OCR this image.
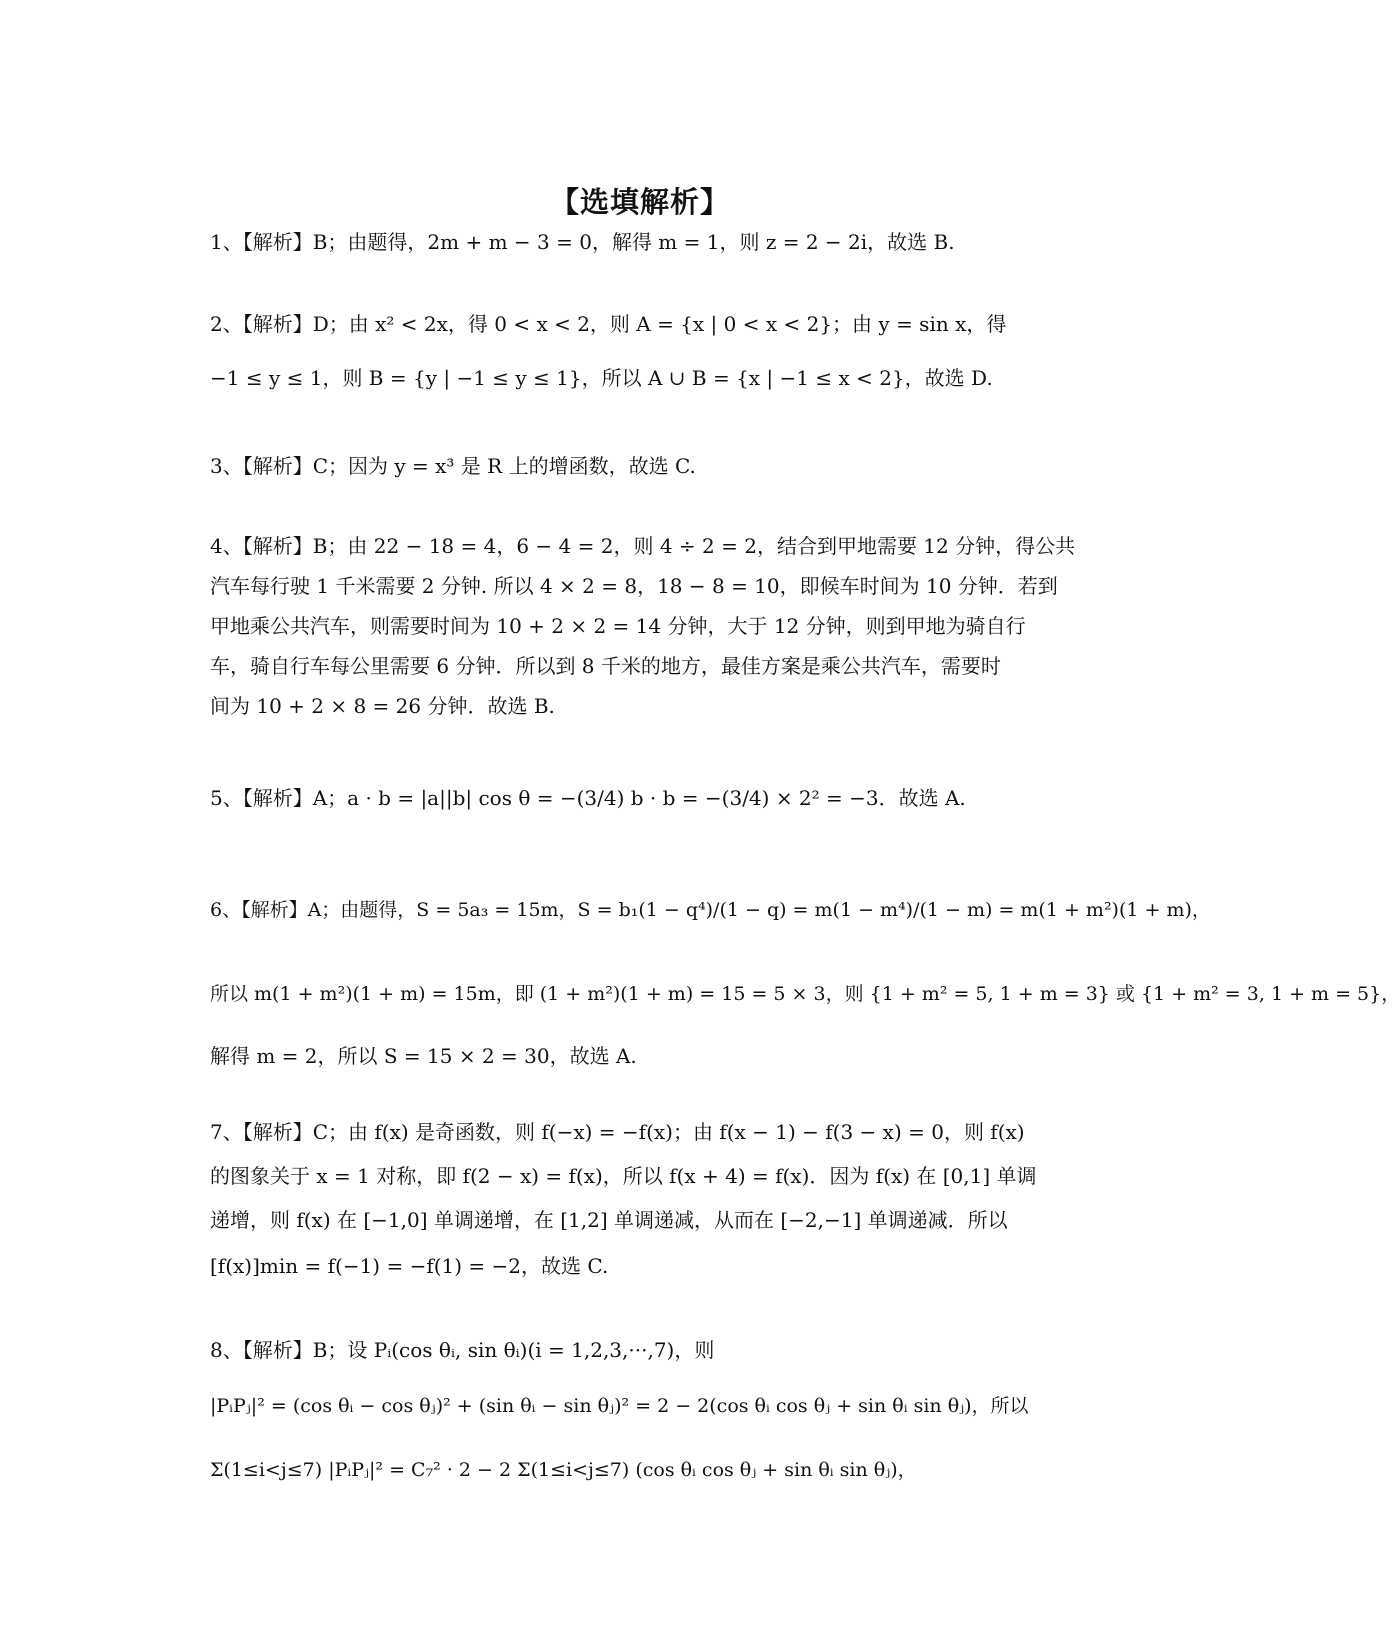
【选填解析】
1、【解析】B；由题得，2m + m − 3 = 0，解得 m = 1，则 z = 2 − 2i，故选 B.
2、【解析】D；由 x² < 2x，得 0 < x < 2，则 A = {x | 0 < x < 2}；由 y = sin x，得
−1 ≤ y ≤ 1，则 B = {y | −1 ≤ y ≤ 1}，所以 A ∪ B = {x | −1 ≤ x < 2}，故选 D.
3、【解析】C；因为 y = x³ 是 R 上的增函数，故选 C.
4、【解析】B；由 22 − 18 = 4，6 − 4 = 2，则 4 ÷ 2 = 2，结合到甲地需要 12 分钟，得公共
汽车每行驶 1 千米需要 2 分钟. 所以 4 × 2 = 8，18 − 8 = 10，即候车时间为 10 分钟．若到
甲地乘公共汽车，则需要时间为 10 + 2 × 2 = 14 分钟，大于 12 分钟，则到甲地为骑自行
车，骑自行车每公里需要 6 分钟．所以到 8 千米的地方，最佳方案是乘公共汽车，需要时
间为 10 + 2 × 8 = 26 分钟．故选 B.
5、【解析】A；a · b = |a||b| cos θ = −(3/4) b · b = −(3/4) × 2² = −3．故选 A.
6、【解析】A；由题得，S = 5a₃ = 15m，S = b₁(1 − q⁴)/(1 − q) = m(1 − m⁴)/(1 − m) = m(1 + m²)(1 + m)，
所以 m(1 + m²)(1 + m) = 15m，即 (1 + m²)(1 + m) = 15 = 5 × 3，则 {1 + m² = 5, 1 + m = 3} 或 {1 + m² = 3, 1 + m = 5}，
解得 m = 2，所以 S = 15 × 2 = 30，故选 A.
7、【解析】C；由 f(x) 是奇函数，则 f(−x) = −f(x)；由 f(x − 1) − f(3 − x) = 0，则 f(x)
的图象关于 x = 1 对称，即 f(2 − x) = f(x)，所以 f(x + 4) = f(x)．因为 f(x) 在 [0,1] 单调
递增，则 f(x) 在 [−1,0] 单调递增，在 [1,2] 单调递减，从而在 [−2,−1] 单调递减．所以
[f(x)]min = f(−1) = −f(1) = −2，故选 C.
8、【解析】B；设 Pᵢ(cos θᵢ, sin θᵢ)(i = 1,2,3,···,7)，则
|PᵢPⱼ|² = (cos θᵢ − cos θⱼ)² + (sin θᵢ − sin θⱼ)² = 2 − 2(cos θᵢ cos θⱼ + sin θᵢ sin θⱼ)，所以
Σ(1≤i<j≤7) |PᵢPⱼ|² = C₇² · 2 − 2 Σ(1≤i<j≤7) (cos θᵢ cos θⱼ + sin θᵢ sin θⱼ)，
